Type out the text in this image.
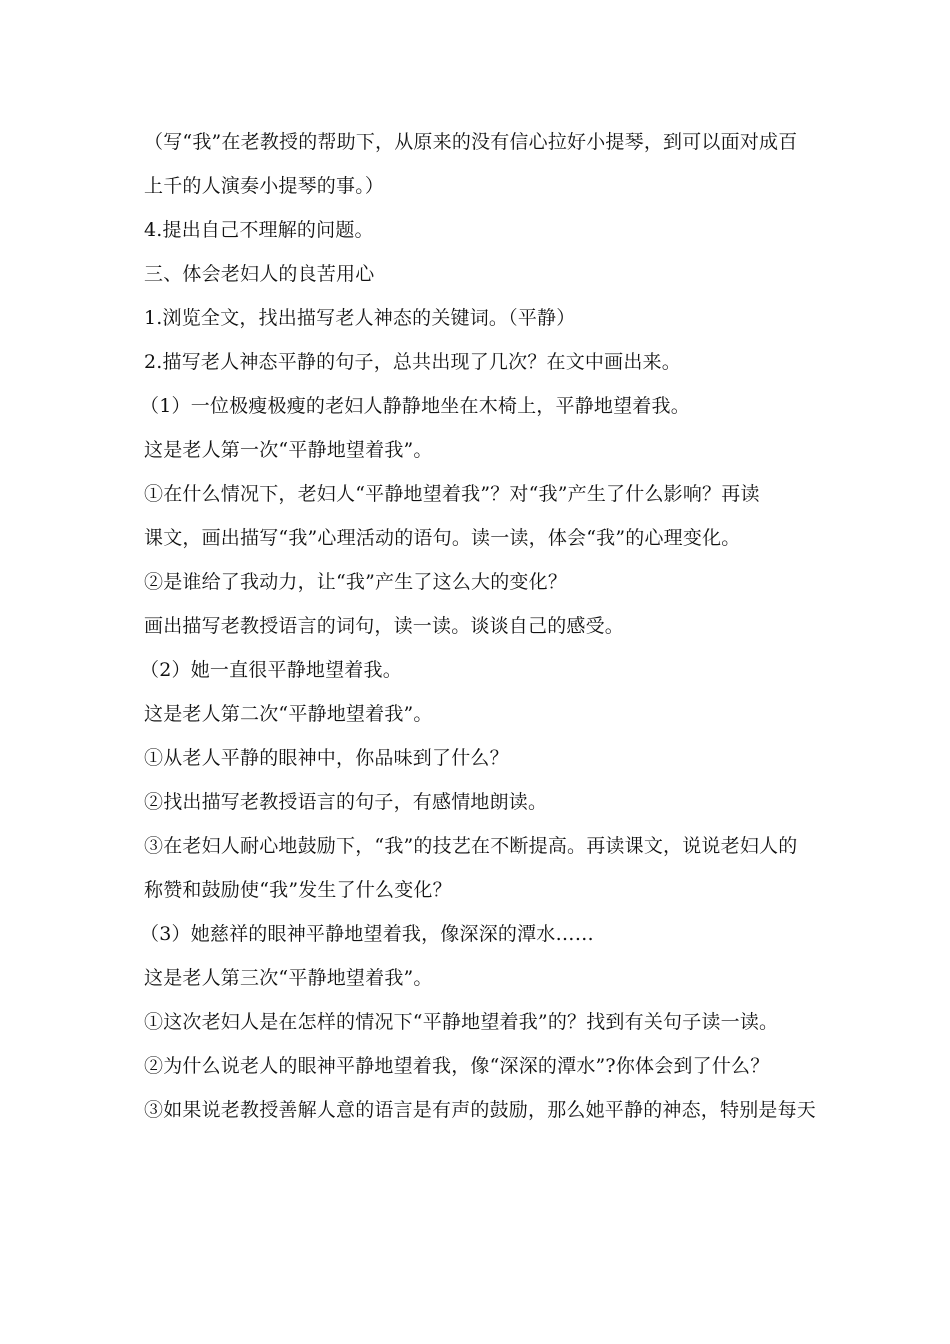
（写“我”在老教授的帮助下，从原来的没有信心拉好小提琴，到可以面对成百
上千的人演奏小提琴的事。）
4.提出自己不理解的问题。
三、体会老妇人的良苦用心
1.浏览全文，找出描写老人神态的关键词。（平静）
2.描写老人神态平静的句子，总共出现了几次？在文中画出来。
（1）一位极瘦极瘦的老妇人静静地坐在木椅上，平静地望着我。
这是老人第一次“平静地望着我”。
①在什么情况下，老妇人“平静地望着我”？对“我”产生了什么影响？再读
课文，画出描写“我”心理活动的语句。读一读，体会“我”的心理变化。
②是谁给了我动力，让“我”产生了这么大的变化？
画出描写老教授语言的词句，读一读。谈谈自己的感受。
（2）她一直很平静地望着我。
这是老人第二次“平静地望着我”。
①从老人平静的眼神中，你品味到了什么？
②找出描写老教授语言的句子，有感情地朗读。
③在老妇人耐心地鼓励下，“我”的技艺在不断提高。再读课文，说说老妇人的
称赞和鼓励使“我”发生了什么变化？
（3）她慈祥的眼神平静地望着我，像深深的潭水……
这是老人第三次“平静地望着我”。
①这次老妇人是在怎样的情况下“平静地望着我”的？找到有关句子读一读。
②为什么说老人的眼神平静地望着我，像“深深的潭水”?你体会到了什么？
③如果说老教授善解人意的语言是有声的鼓励，那么她平静的神态，特别是每天
